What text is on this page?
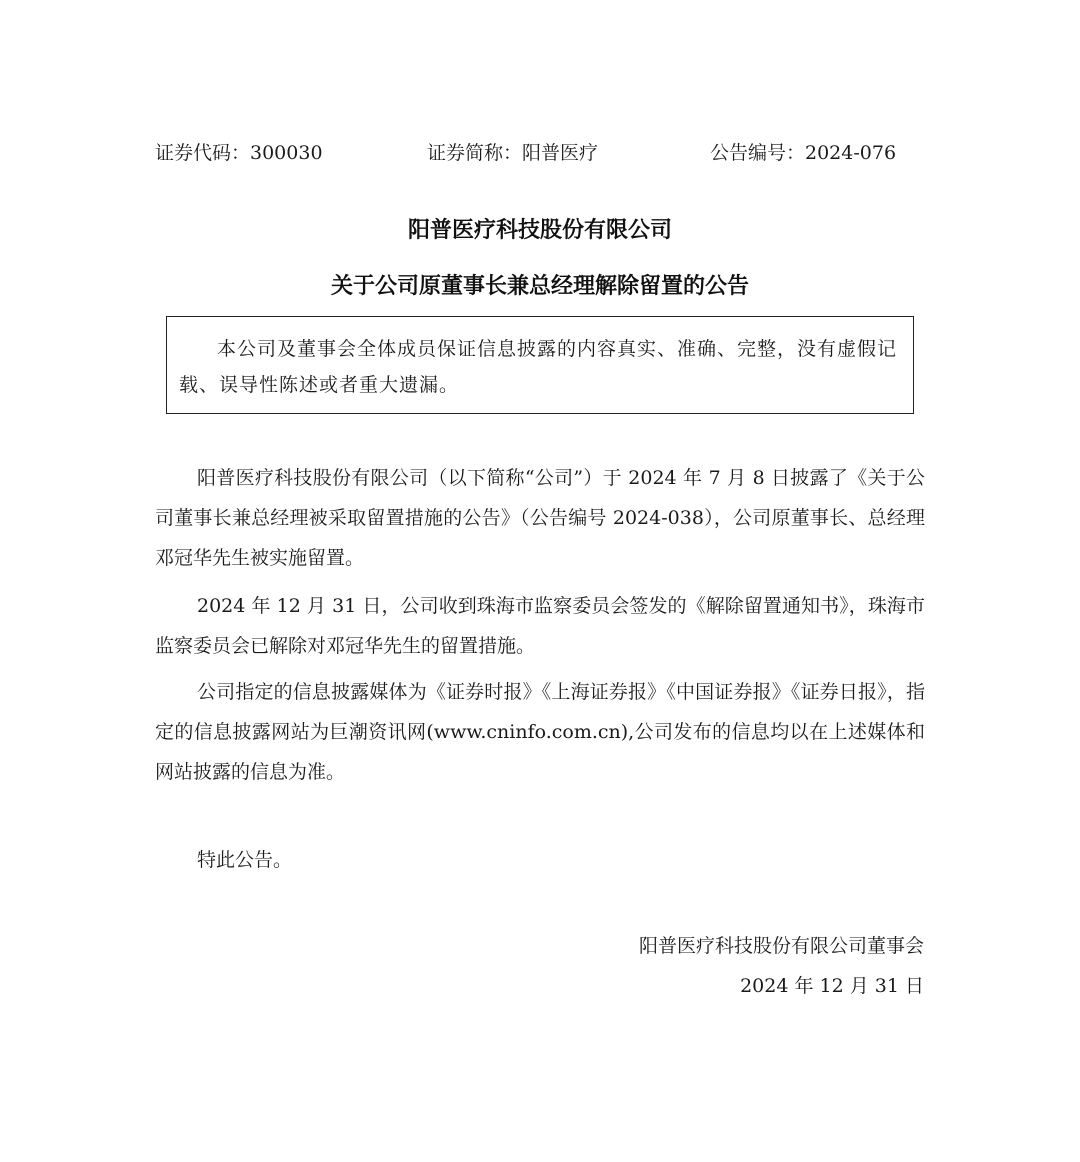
证券代码：300030	证券简称：阳普医疗	公告编号：2024-076
阳普医疗科技股份有限公司
关于公司原董事长兼总经理解除留置的公告
本公司及董事会全体成员保证信息披露的内容真实、准确、完整，没有虚假记载、误导性陈述或者重大遗漏。
阳普医疗科技股份有限公司（以下简称“公司”）于 2024 年 7 月 8 日披露了《关于公司董事长兼总经理被采取留置措施的公告》（公告编号 2024-038），公司原董事长、总经理邓冠华先生被实施留置。
2024 年 12 月 31 日，公司收到珠海市监察委员会签发的《解除留置通知书》，珠海市监察委员会已解除对邓冠华先生的留置措施。
公司指定的信息披露媒体为《证券时报》《上海证券报》《中国证券报》《证券日报》，指定的信息披露网站为巨潮资讯网(www.cninfo.com.cn),公司发布的信息均以在上述媒体和网站披露的信息为准。
特此公告。
阳普医疗科技股份有限公司董事会
2024 年 12 月 31 日
